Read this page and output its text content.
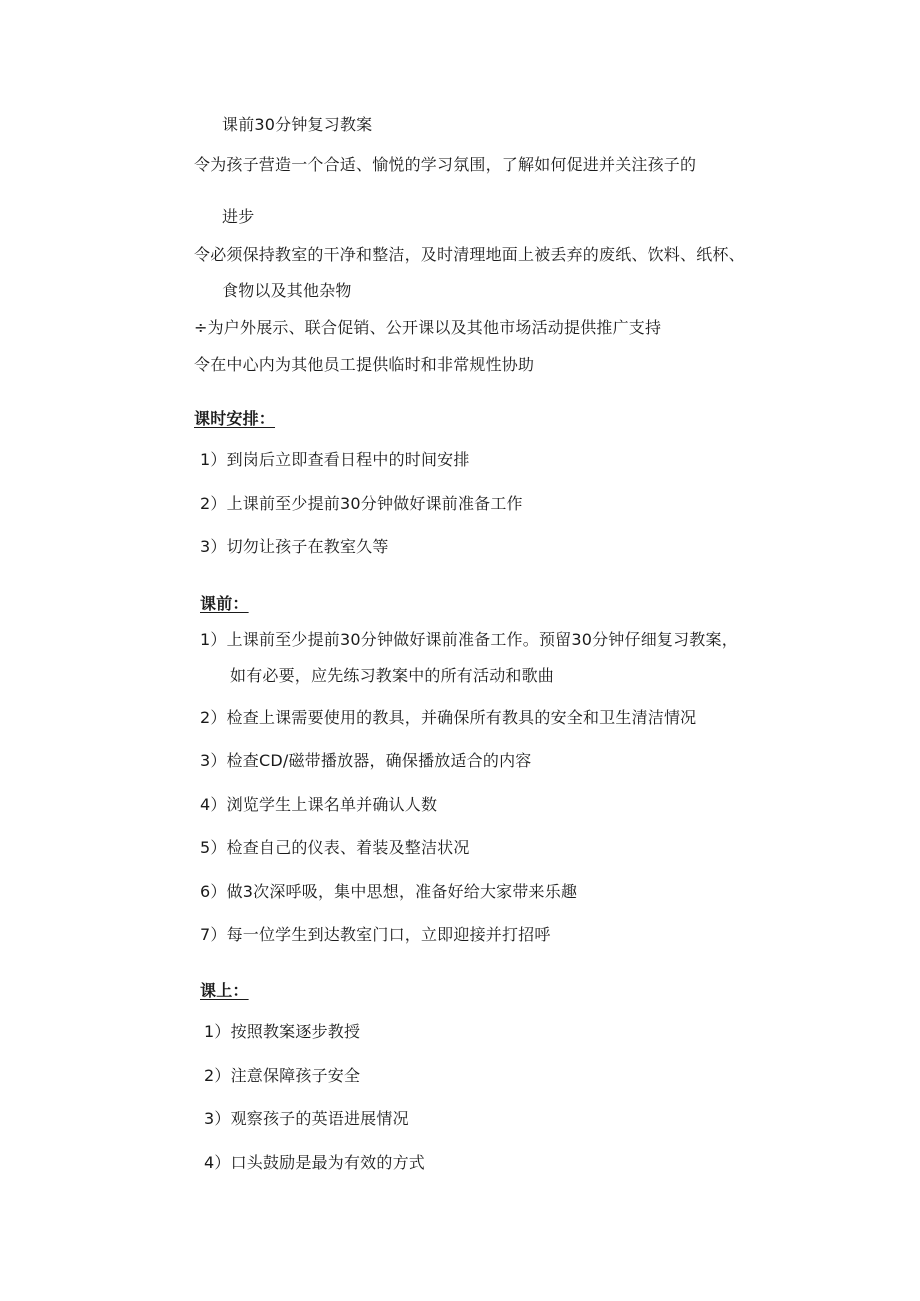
课前30分钟复习教案
令为孩子营造一个合适、愉悦的学习氛围，了解如何促进并关注孩子的
进步
令必须保持教室的干净和整洁，及时清理地面上被丢弃的废纸、饮料、纸杯、
食物以及其他杂物
÷为户外展示、联合促销、公开课以及其他市场活动提供推广支持
令在中心内为其他员工提供临时和非常规性协助
课时安排：
1）到岗后立即查看日程中的时间安排
2）上课前至少提前30分钟做好课前准备工作
3）切勿让孩子在教室久等
课前：
1）上课前至少提前30分钟做好课前准备工作。预留30分钟仔细复习教案，
如有必要，应先练习教案中的所有活动和歌曲
2）检查上课需要使用的教具，并确保所有教具的安全和卫生清洁情况
3）检查CD/磁带播放器，确保播放适合的内容
4）浏览学生上课名单并确认人数
5）检查自己的仪表、着装及整洁状况
6）做3次深呼吸，集中思想，准备好给大家带来乐趣
7）每一位学生到达教室门口，立即迎接并打招呼
课上：
1）按照教案逐步教授
2）注意保障孩子安全
3）观察孩子的英语进展情况
4）口头鼓励是最为有效的方式
